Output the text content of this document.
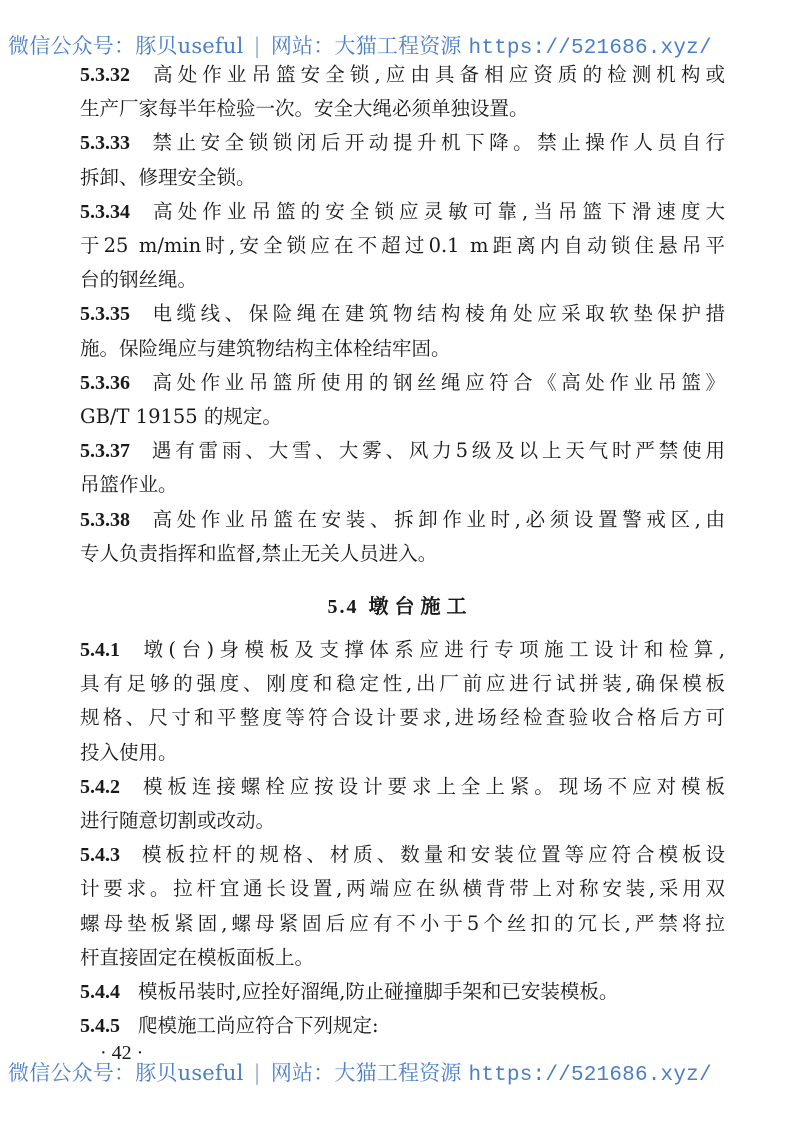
微信公众号：豚贝useful | 网站：大猫工程资源 https://521686.xyz/
5.3.32 高处作业吊篮安全锁,应由具备相应资质的检测机构或
生产厂家每半年检验一次。安全大绳必须单独设置。
5.3.33 禁止安全锁锁闭后开动提升机下降。禁止操作人员自行
拆卸、修理安全锁。
5.3.34 高处作业吊篮的安全锁应灵敏可靠,当吊篮下滑速度大
于25 m/min时,安全锁应在不超过0.1 m距离内自动锁住悬吊平
台的钢丝绳。
5.3.35 电缆线、保险绳在建筑物结构棱角处应采取软垫保护措
施。保险绳应与建筑物结构主体栓结牢固。
5.3.36 高处作业吊篮所使用的钢丝绳应符合《高处作业吊篮》
GB/T 19155 的规定。
5.3.37 遇有雷雨、大雪、大雾、风力5级及以上天气时严禁使用
吊篮作业。
5.3.38 高处作业吊篮在安装、拆卸作业时,必须设置警戒区,由
专人负责指挥和监督,禁止无关人员进入。
5.4.1 墩(台)身模板及支撑体系应进行专项施工设计和检算,
具有足够的强度、刚度和稳定性,出厂前应进行试拼装,确保模板
规格、尺寸和平整度等符合设计要求,进场经检查验收合格后方可
投入使用。
5.4.2 模板连接螺栓应按设计要求上全上紧。现场不应对模板
进行随意切割或改动。
5.4.3 模板拉杆的规格、材质、数量和安装位置等应符合模板设
计要求。拉杆宜通长设置,两端应在纵横背带上对称安装,采用双
螺母垫板紧固,螺母紧固后应有不小于5个丝扣的冗长,严禁将拉
杆直接固定在模板面板上。
5.4.4 模板吊装时,应拴好溜绳,防止碰撞脚手架和已安装模板。
5.4.5 爬模施工尚应符合下列规定:
5.4 墩台施工
· 42 ·
微信公众号：豚贝useful | 网站：大猫工程资源 https://521686.xyz/
